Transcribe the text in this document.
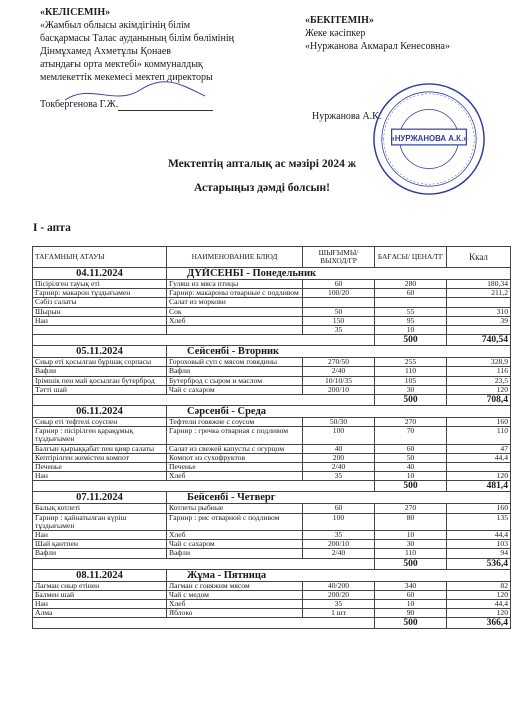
«КЕЛІСЕМІН»
«Жамбыл облысы әкімдігінің білім
басқармасы Талас ауданының білім бөлімінің
Дінмұхамед Ахметұлы Қонаев
атындағы орта мектебі» коммуналдық
мемлекеттік мекемесі мектеп директоры
Токбергенова Г.Ж.
«БЕКІТЕМІН»
Жеке кәсіпкер
«Нуржанова Акмарал Кенесовна»
Нуржанова А.К.
«НУРЖАНОВА А.К.»
Мектептің апталық ас мәзірі 2024 ж
Астарыңыз дәмді болсын!
І - апта
ТАҒАМНЫҢ АТАУЫ	НАИМЕНОВАНИЕ БЛЮД	ШЫҒЫМЫ/ ВЫХОД/ГР	БАҒАСЫ/ ЦЕНА/ТГ	Ккал
04.11.2024	ДҮЙСЕНБІ - Понедельник			
Пісірілген тауық еті	Гуляш из мяса птицы	60	280	180,34
Гарнир: макарон тұздығымен	Гарнир: макароны отварные с подливом	100/20	60	211,2
Сәбіз салаты	Салат из моркови			
Шырын	Сок	50	55	310
Нан	Хлеб	150	95	39
		35	10	
			500	740,54
05.11.2024	Сейсенбі - Вторник			
Сиыр еті қосылған бұршақ сорпасы	Гороховый суп с мясом говядины	270/50	255	328,9
Вафли	Вафли	2/40	110	116
Ірімшік пен май қосылған бутерброд	Бутерброд с сыром и маслом	10/10/35	105	23,5
Тәтті шай	Чай с сахаром	200/10	30	120
			500	708,4
06.11.2024	Сәрсенбі - Среда			
Сиыр еті тефтелі соуспен	Тефтели говяжие с соусом	50/30	270	160
Гарнир : пісірілген қарақұмық тұздығымен	Гарнир : гречка отварная с подливом	100	70	110
Балғын қырыққабат пен қияр салаты	Салат из свежей капусты с огурцом	40	60	47
Кептірілген жемістен компот	Компот из сухофруктов	200	50	44,4
Печенье	Печенье	2/40	40	
Нан	Хлеб	35	10	120
			500	481,4
07.11.2024	Бейсенбі - Четверг			
Балық котлеті	Котлеты рыбные	60	270	160
Гарнир : қайнатылған күріш тұздығымен	Гарнир : рис отварной с подливом	100	80	135
Нан	Хлеб	35	10	44,4
Шай қантпен	Чай с сахаром	200/10	30	103
Вафли	Вафли	2/40	110	94
			500	536,4
08.11.2024	Жұма - Пятница			
Лағман сиыр етінен	Лагман с говяжим мясом	40/200	340	82
Балмен шай	Чай с медом	200/20	60	120
Нан	Хлеб	35	10	44,4
Алма	Яблоко	1 шт	90	120
			500	366,4
